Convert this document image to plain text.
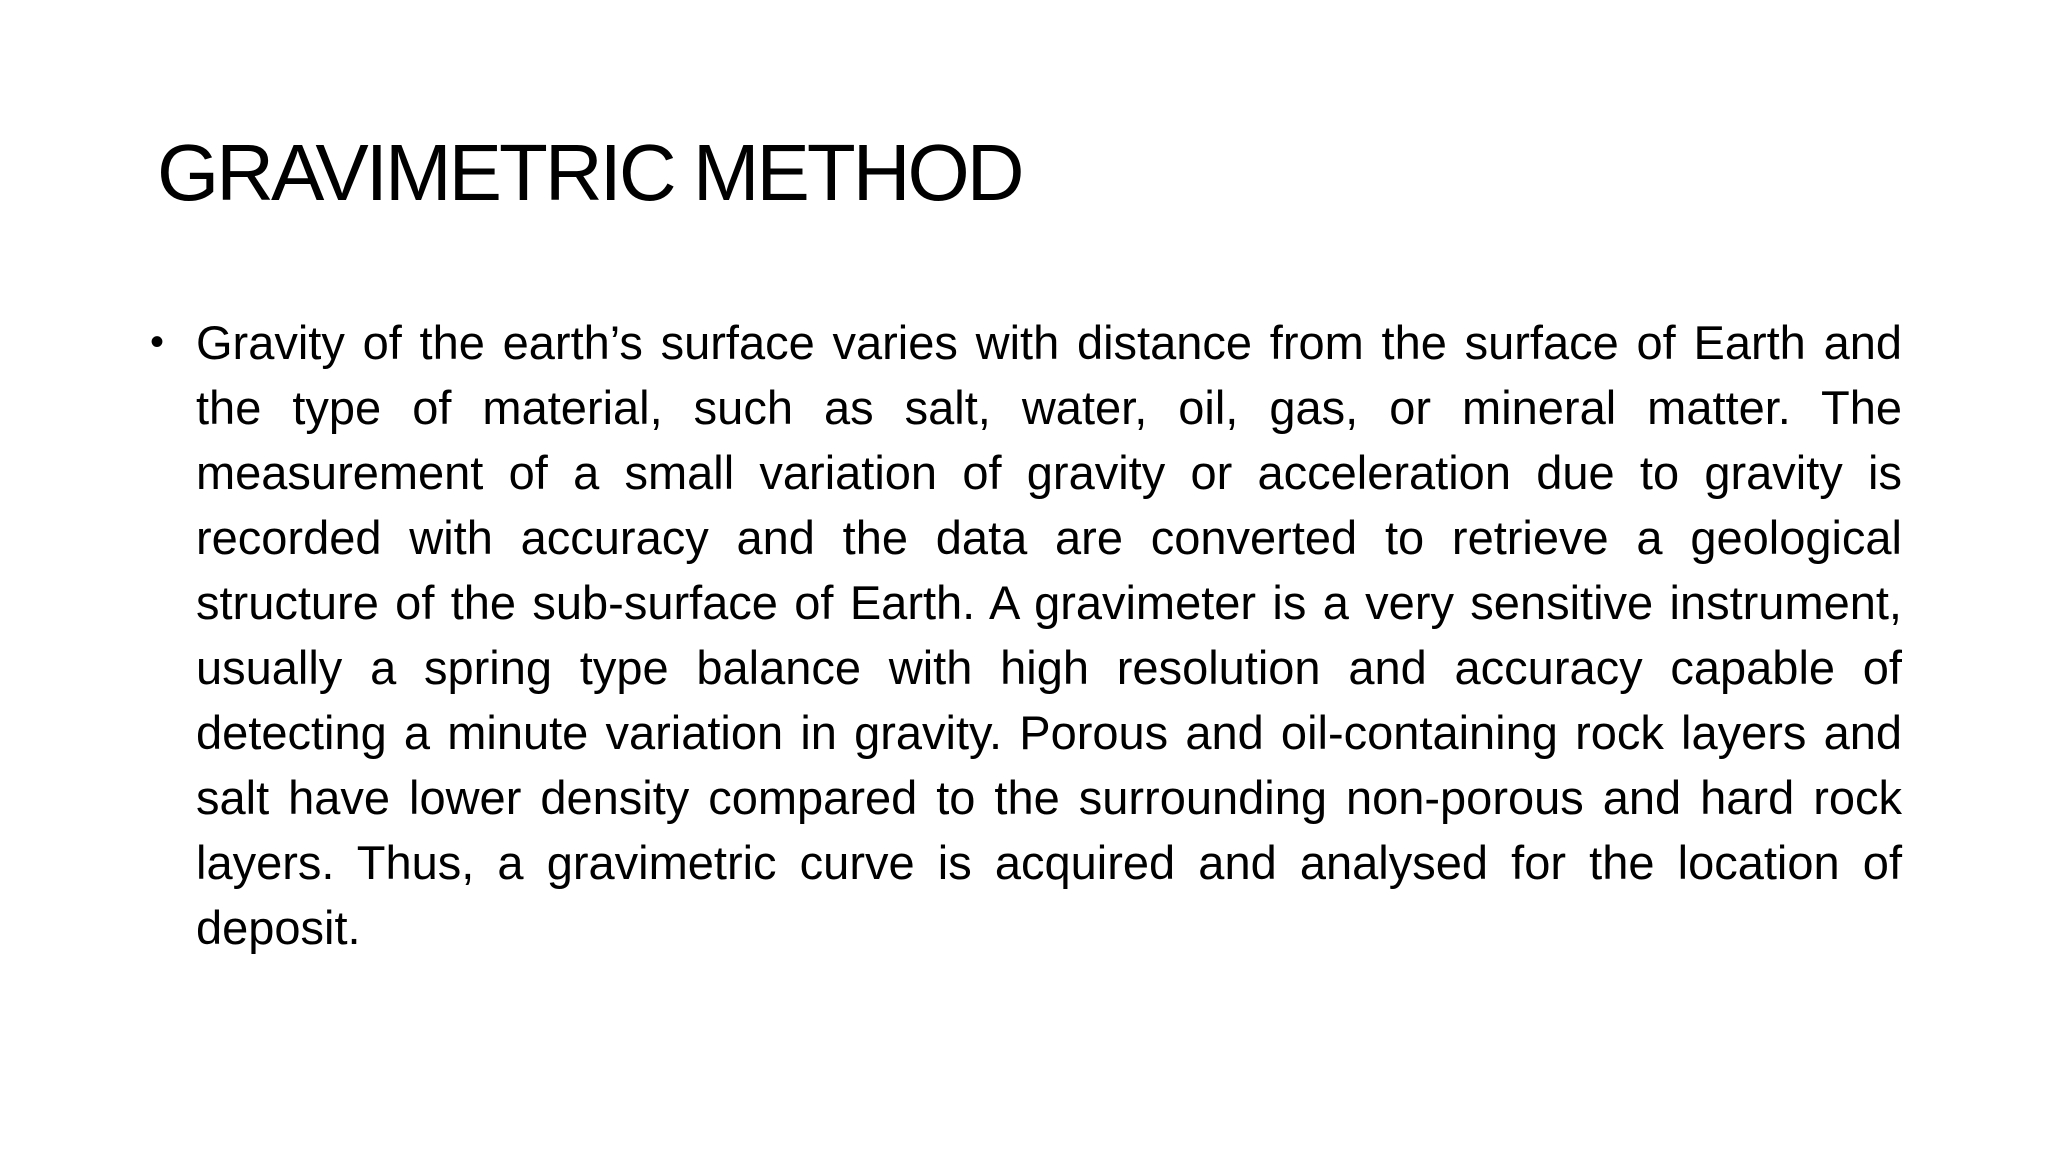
GRAVIMETRIC METHOD
• Gravity of the earth’s surface varies with distance from the surface of Earth and the type of material, such as salt, water, oil, gas, or mineral matter. The measurement of a small variation of gravity or acceleration due to gravity is recorded with accuracy and the data are converted to retrieve a geological structure of the sub-surface of Earth. A gravimeter is a very sensitive instrument, usually a spring type balance with high resolution and accuracy capable of detecting a minute variation in gravity. Porous and oil-containing rock layers and salt have lower density compared to the surrounding non-porous and hard rock layers. Thus, a gravimetric curve is acquired and analysed for the location of deposit.
